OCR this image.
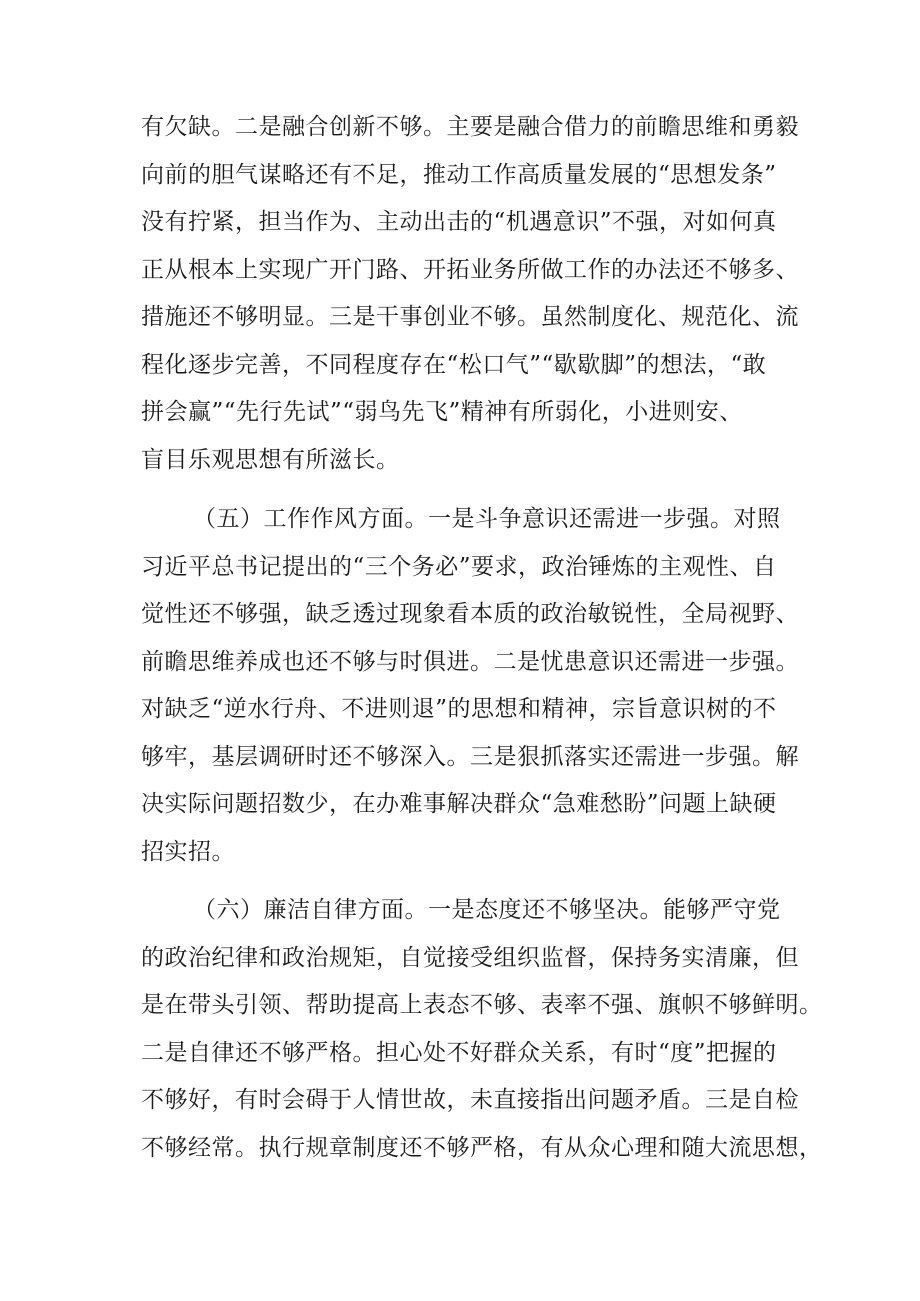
有欠缺。二是融合创新不够。主要是融合借力的前瞻思维和勇毅
向前的胆气谋略还有不足，推动工作高质量发展的“思想发条”
没有拧紧，担当作为、主动出击的“机遇意识”不强，对如何真
正从根本上实现广开门路、开拓业务所做工作的办法还不够多、
措施还不够明显。三是干事创业不够。虽然制度化、规范化、流
程化逐步完善，不同程度存在“松口气”“歇歇脚”的想法，“敢
拼会赢”“先行先试”“弱鸟先飞”精神有所弱化，小进则安、
盲目乐观思想有所滋长。
（五）工作作风方面。一是斗争意识还需进一步强。对照
习近平总书记提出的“三个务必”要求，政治锤炼的主观性、自
觉性还不够强，缺乏透过现象看本质的政治敏锐性，全局视野、
前瞻思维养成也还不够与时俱进。二是忧患意识还需进一步强。
对缺乏“逆水行舟、不进则退”的思想和精神，宗旨意识树的不
够牢，基层调研时还不够深入。三是狠抓落实还需进一步强。解
决实际问题招数少，在办难事解决群众“急难愁盼”问题上缺硬
招实招。
（六）廉洁自律方面。一是态度还不够坚决。能够严守党
的政治纪律和政治规矩，自觉接受组织监督，保持务实清廉，但
是在带头引领、帮助提高上表态不够、表率不强、旗帜不够鲜明。
二是自律还不够严格。担心处不好群众关系，有时“度”把握的
不够好，有时会碍于人情世故，未直接指出问题矛盾。三是自检
不够经常。执行规章制度还不够严格，有从众心理和随大流思想，
